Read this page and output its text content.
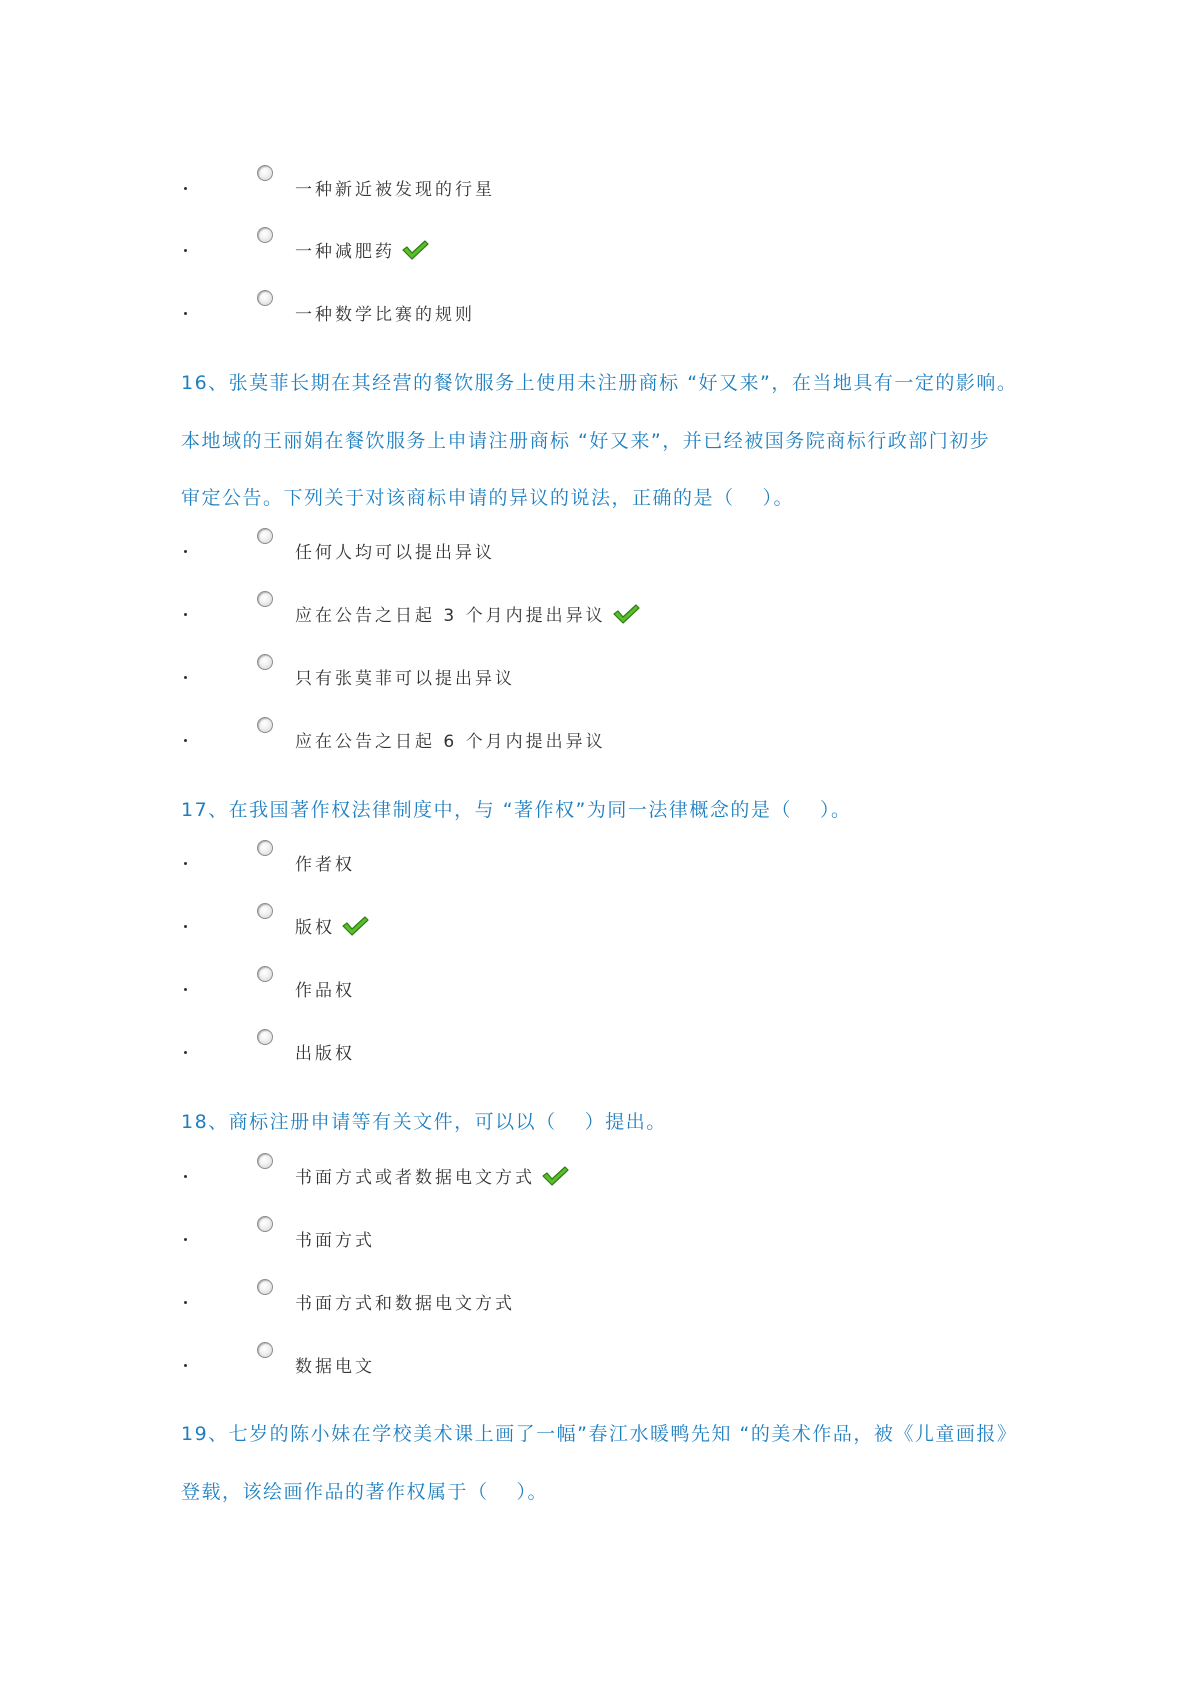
一种新近被发现的行星
一种减肥药
一种数学比赛的规则
16、张莫菲长期在其经营的餐饮服务上使用未注册商标 “好又来”，在当地具有一定的影响。
本地域的王丽娟在餐饮服务上申请注册商标 “好又来”，并已经被国务院商标行政部门初步
审定公告。下列关于对该商标申请的异议的说法，正确的是（　 ）。
任何人均可以提出异议
应在公告之日起 3 个月内提出异议
只有张莫菲可以提出异议
应在公告之日起 6 个月内提出异议
17、在我国著作权法律制度中，与 “著作权”为同一法律概念的是（　 ）。
作者权
版权
作品权
出版权
18、商标注册申请等有关文件，可以以（　 ）提出。
书面方式或者数据电文方式
书面方式
书面方式和数据电文方式
数据电文
19、七岁的陈小妹在学校美术课上画了一幅”春江水暖鸭先知 “的美术作品，被《儿童画报》
登载，该绘画作品的著作权属于（　 ）。
